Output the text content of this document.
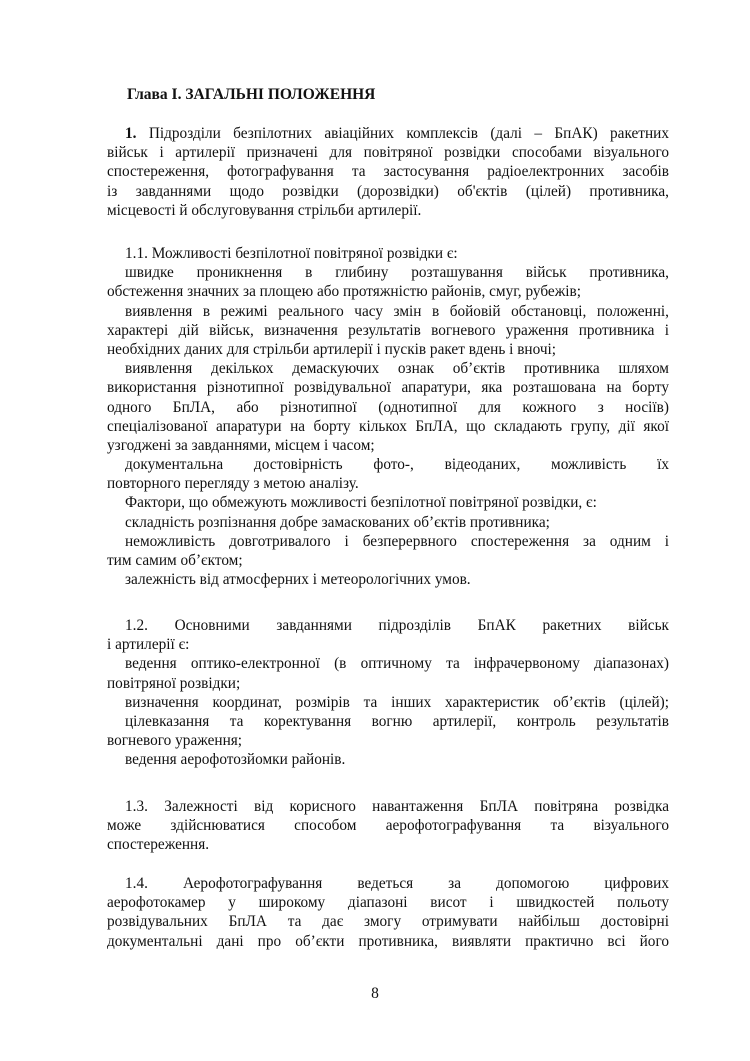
Глава І. ЗАГАЛЬНІ ПОЛОЖЕННЯ
1. Підрозділи безпілотних авіаційних комплексів (далі – БпАК) ракетних
військ і артилерії призначені для повітряної розвідки способами візуального
спостереження, фотографування та застосування радіоелектронних засобів
із завданнями щодо розвідки (дорозвідки) об'єктів (цілей) противника,
місцевості й обслуговування стрільби артилерії.
1.1. Можливості безпілотної повітряної розвідки є:
швидке проникнення в глибину розташування військ противника,
обстеження значних за площею або протяжністю районів, смуг, рубежів;
виявлення в режимі реального часу змін в бойовій обстановці, положенні,
характері дій військ, визначення результатів вогневого ураження противника і
необхідних даних для стрільби артилерії і пусків ракет вдень і вночі;
виявлення декількох демаскуючих ознак об’єктів противника шляхом
використання різнотипної розвідувальної апаратури, яка розташована на борту
одного БпЛА, або різнотипної (однотипної для кожного з носіїв)
спеціалізованої апаратури на борту кількох БпЛА, що складають групу, дії якої
узгоджені за завданнями, місцем і часом;
документальна достовірність фото-, відеоданих, можливість їх
повторного перегляду з метою аналізу.
Фактори, що обмежують можливості безпілотної повітряної розвідки, є:
складність розпізнання добре замаскованих об’єктів противника;
неможливість довготривалого і безперервного спостереження за одним і
тим самим об’єктом;
залежність від атмосферних і метеорологічних умов.
1.2. Основними завданнями підрозділів БпАК ракетних військ
і артилерії є:
ведення оптико-електронної (в оптичному та інфрачервоному діапазонах)
повітряної розвідки;
визначення координат, розмірів та інших характеристик об’єктів (цілей);
цілевказання та коректування вогню артилерії, контроль результатів
вогневого ураження;
ведення аерофотозйомки районів.
1.3. Залежності від корисного навантаження БпЛА повітряна розвідка
може здійснюватися способом аерофотографування та візуального
спостереження.
1.4. Аерофотографування ведеться за допомогою цифрових
аерофотокамер у широкому діапазоні висот і швидкостей польоту
розвідувальних БпЛА та дає змогу отримувати найбільш достовірні
документальні дані про об’єкти противника, виявляти практично всі його
8
